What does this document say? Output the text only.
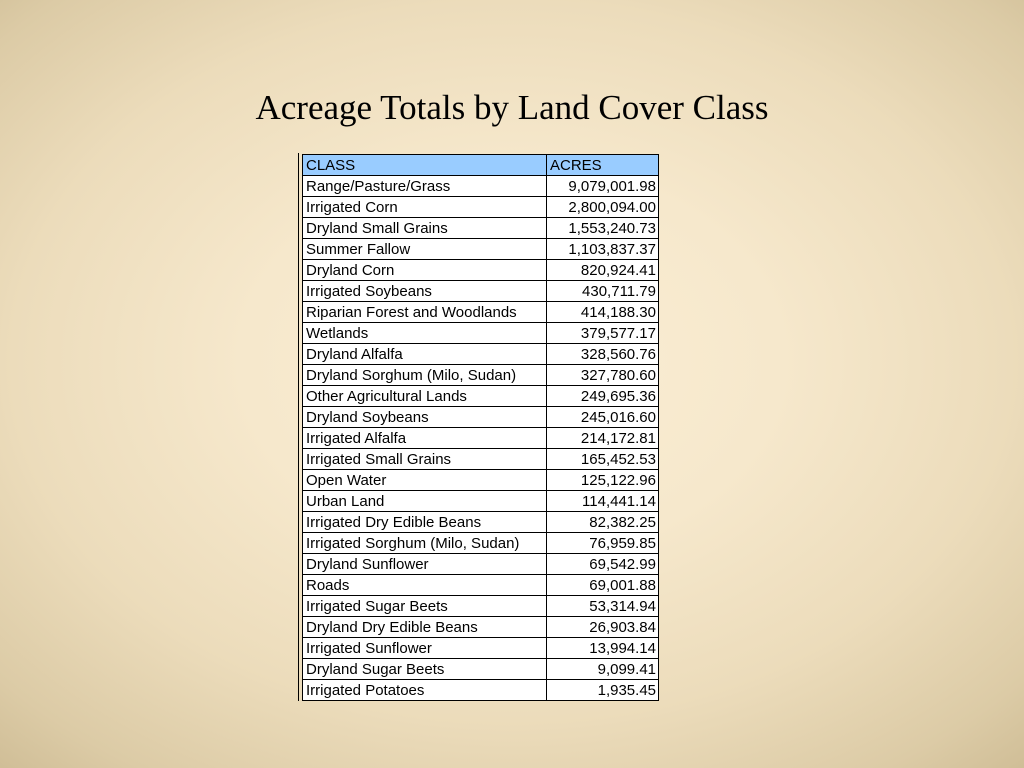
Acreage Totals by Land Cover Class
CLASS	ACRES
Range/Pasture/Grass	9,079,001.98
Irrigated Corn	2,800,094.00
Dryland Small Grains	1,553,240.73
Summer Fallow	1,103,837.37
Dryland Corn	820,924.41
Irrigated Soybeans	430,711.79
Riparian Forest and Woodlands	414,188.30
Wetlands	379,577.17
Dryland Alfalfa	328,560.76
Dryland Sorghum (Milo, Sudan)	327,780.60
Other Agricultural Lands	249,695.36
Dryland Soybeans	245,016.60
Irrigated Alfalfa	214,172.81
Irrigated Small Grains	165,452.53
Open Water	125,122.96
Urban Land	114,441.14
Irrigated Dry Edible Beans	82,382.25
Irrigated Sorghum (Milo, Sudan)	76,959.85
Dryland Sunflower	69,542.99
Roads	69,001.88
Irrigated Sugar Beets	53,314.94
Dryland Dry Edible Beans	26,903.84
Irrigated Sunflower	13,994.14
Dryland Sugar Beets	9,099.41
Irrigated Potatoes	1,935.45
